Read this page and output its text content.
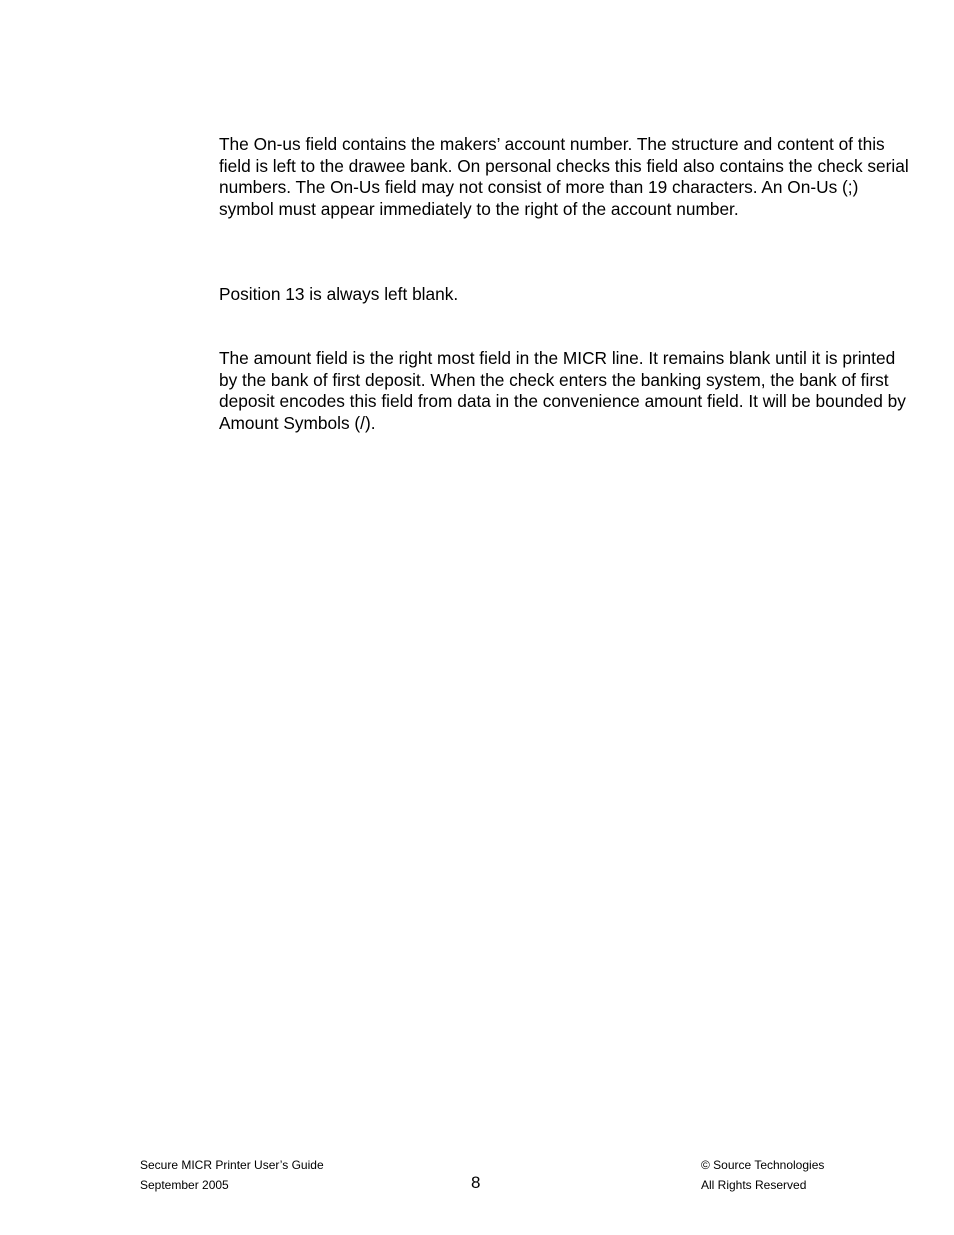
The On-us field contains the makers’ account number. The structure and content of this field is left to the drawee bank. On personal checks this field also contains the check serial numbers. The On-Us field may not consist of more than 19 characters. An On-Us (;) symbol must appear immediately to the right of the account number.

Position 13 is always left blank.

The amount field is the right most field in the MICR line. It remains blank until it is printed by the bank of first deposit. When the check enters the banking system, the bank of first deposit encodes this field from data in the convenience amount field. It will be bounded by Amount Symbols (/).

Secure MICR Printer User’s Guide
September 2005	8
© Source Technologies
All Rights Reserved
